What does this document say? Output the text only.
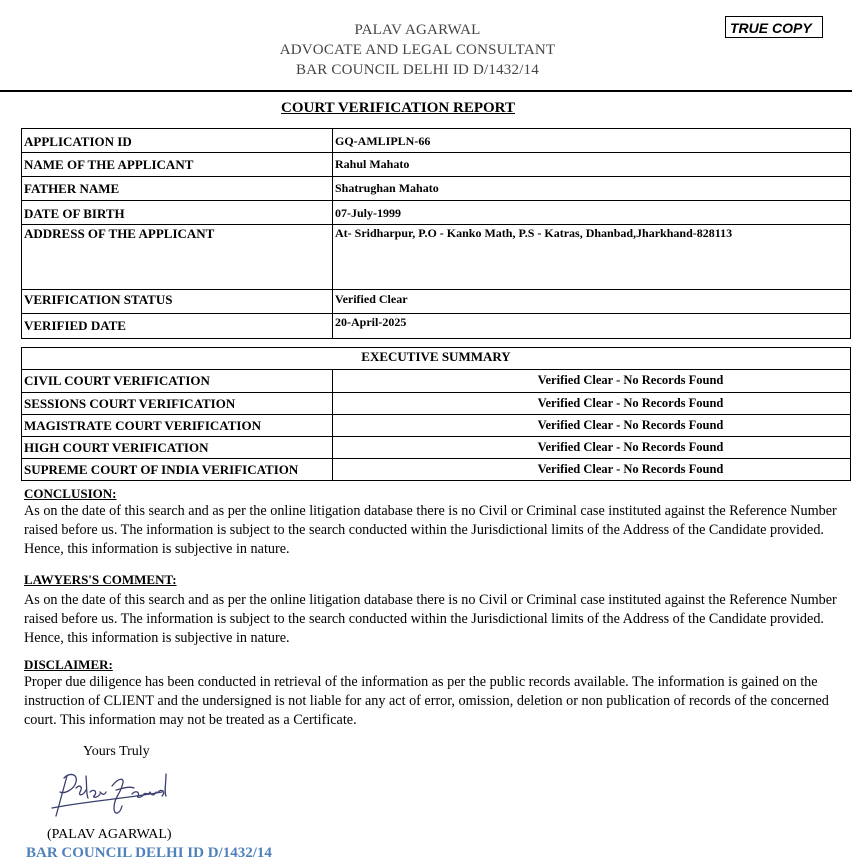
PALAV AGARWAL
ADVOCATE AND LEGAL CONSULTANT
BAR COUNCIL DELHI ID D/1432/14
TRUE COPY
COURT VERIFICATION REPORT
APPLICATION ID	GQ-AMLIPLN-66
NAME OF THE APPLICANT	Rahul Mahato
FATHER NAME	Shatrughan Mahato
DATE OF BIRTH	07-July-1999
ADDRESS OF THE APPLICANT	At- Sridharpur, P.O - Kanko Math, P.S - Katras, Dhanbad,Jharkhand-828113
VERIFICATION STATUS	Verified Clear
VERIFIED DATE	20-April-2025
EXECUTIVE SUMMARY	
CIVIL COURT VERIFICATION	Verified Clear - No Records Found
SESSIONS COURT VERIFICATION	Verified Clear - No Records Found
MAGISTRATE COURT VERIFICATION	Verified Clear - No Records Found
HIGH COURT VERIFICATION	Verified Clear - No Records Found
SUPREME COURT OF INDIA VERIFICATION	Verified Clear - No Records Found
CONCLUSION:
As on the date of this search and as per the online litigation database there is no Civil or Criminal case instituted against the Reference Number raised before us. The information is subject to the search conducted within the Jurisdictional limits of the Address of the Candidate provided. Hence, this information is subjective in nature.
LAWYERS'S COMMENT:
As on the date of this search and as per the online litigation database there is no Civil or Criminal case instituted against the Reference Number raised before us. The information is subject to the search conducted within the Jurisdictional limits of the Address of the Candidate provided. Hence, this information is subjective in nature.
DISCLAIMER:
Proper due diligence has been conducted in retrieval of the information as per the public records available. The information is gained on the instruction of CLIENT and the undersigned is not liable for any act of error, omission, deletion or non publication of records of the concerned court. This information may not be treated as a Certificate.
Yours Truly
(PALAV AGARWAL)
BAR COUNCIL DELHI ID D/1432/14
